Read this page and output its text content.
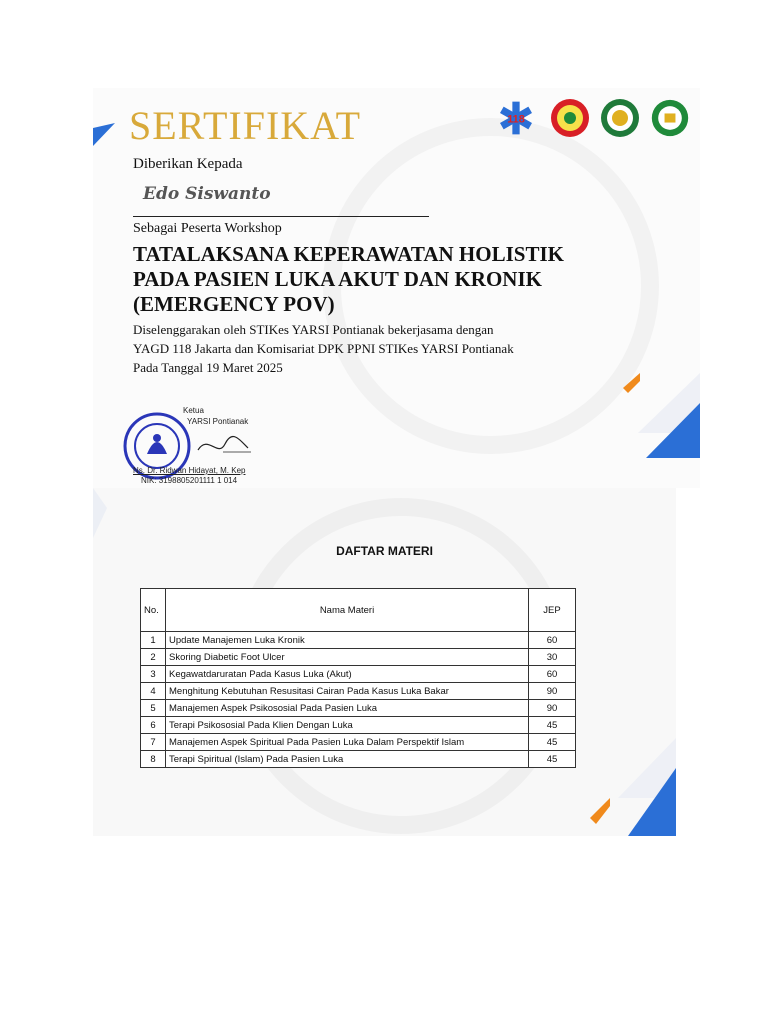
SERTIFIKAT	118
Diberikan Kepada
Edo Siswanto
Sebagai Peserta Workshop
TATALAKSANA KEPERAWATAN HOLISTIK
PADA PASIEN LUKA AKUT DAN KRONIK
(EMERGENCY POV)
Diselenggarakan oleh STIKes YARSI Pontianak bekerjasama dengan
YAGD 118 Jakarta dan Komisariat DPK PPNI STIKes YARSI Pontianak
Pada Tanggal 19 Maret 2025
Ketua
YARSI Pontianak
Ns. Dr. Ridwan Hidayat, M. Kep
NIK: 3198805201111 1 014
DAFTAR MATERI
No.	Nama Materi	JEP
1	Update Manajemen Luka Kronik	60
2	Skoring Diabetic Foot Ulcer	30
3	Kegawatdaruratan Pada Kasus Luka (Akut)	60
4	Menghitung Kebutuhan Resusitasi Cairan Pada Kasus Luka Bakar	90
5	Manajemen Aspek Psikososial Pada Pasien Luka	90
6	Terapi Psikososial Pada Klien Dengan Luka	45
7	Manajemen Aspek Spiritual Pada Pasien Luka Dalam Perspektif Islam	45
8	Terapi Spiritual (Islam) Pada Pasien Luka	45
